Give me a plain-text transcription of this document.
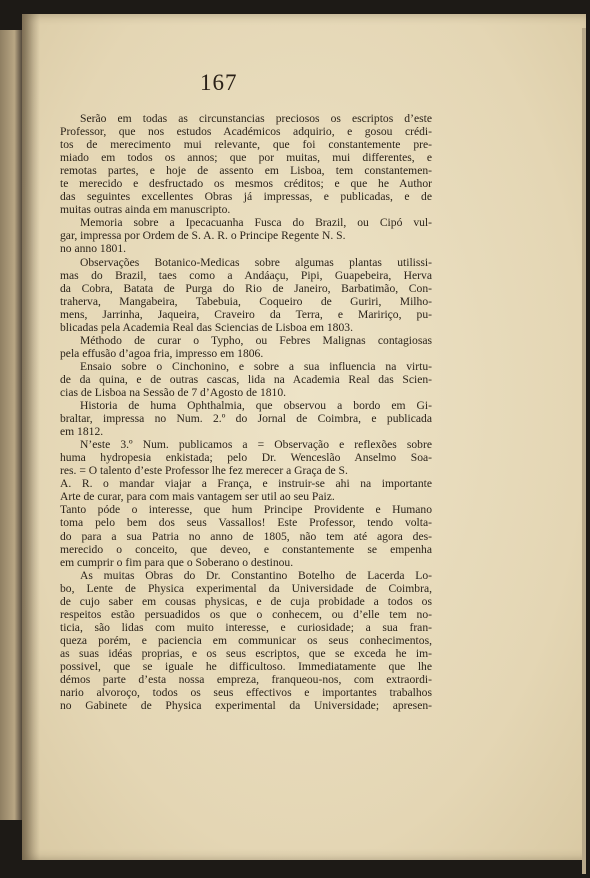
167
Serão em todas as circunstancias preciosos os escriptos d’este
Professor, que nos estudos Académicos adquirio, e gosou crédi-
tos de merecimento mui relevante, que foi constantemente pre-
miado em todos os annos; que por muitas, mui differentes, e
remotas partes, e hoje de assento em Lisboa, tem constantemen-
te merecido e desfructado os mesmos créditos; e que he Author
das seguintes excellentes Obras já impressas, e publicadas, e de
muitas outras ainda em manuscripto.
Memoria sobre a Ipecacuanha Fusca do Brazil, ou Cipó vul-
gar, impressa por Ordem de S. A. R. o Principe Regente N. S.
no anno 1801.
Observações Botanico-Medicas sobre algumas plantas utilissi-
mas do Brazil, taes como a Andáaçu, Pipi, Guapebeira, Herva
da Cobra, Batata de Purga do Rio de Janeiro, Barbatimão, Con-
traherva, Mangabeira, Tabebuia, Coqueiro de Guriri, Milho-
mens, Jarrinha, Jaqueira, Craveiro da Terra, e Maririço, pu-
blicadas pela Academia Real das Sciencias de Lisboa em 1803.
Méthodo de curar o Typho, ou Febres Malignas contagiosas
pela effusão d’agoa fria, impresso em 1806.
Ensaio sobre o Cinchonino, e sobre a sua influencia na virtu-
de da quina, e de outras cascas, lida na Academia Real das Scien-
cias de Lisboa na Sessão de 7 d’Agosto de 1810.
Historia de huma Ophthalmia, que observou a bordo em Gi-
braltar, impressa no Num. 2.º do Jornal de Coimbra, e publicada
em 1812.
N’este 3.º Num. publicamos a = Observação e reflexões sobre
huma hydropesia enkistada; pelo Dr. Wenceslão Anselmo Soa-
res. = O talento d’este Professor lhe fez merecer a Graça de S.
A. R. o mandar viajar a França, e instruir-se ahi na importante
Arte de curar, para com mais vantagem ser util ao seu Paiz.
Tanto póde o interesse, que hum Principe Providente e Humano
toma pelo bem dos seus Vassallos! Este Professor, tendo volta-
do para a sua Patria no anno de 1805, não tem até agora des-
merecido o conceito, que deveo, e constantemente se empenha
em cumprir o fim para que o Soberano o destinou.
As muitas Obras do Dr. Constantino Botelho de Lacerda Lo-
bo, Lente de Physica experimental da Universidade de Coimbra,
de cujo saber em cousas physicas, e de cuja probidade a todos os
respeitos estão persuadidos os que o conhecem, ou d’elle tem no-
ticia, são lidas com muito interesse, e curiosidade; a sua fran-
queza porém, e paciencia em communicar os seus conhecimentos,
as suas idéas proprias, e os seus escriptos, que se exceda he im-
possivel, que se iguale he difficultoso. Immediatamente que lhe
démos parte d’esta nossa empreza, franqueou-nos, com extraordi-
nario alvoroço, todos os seus effectivos e importantes trabalhos
no Gabinete de Physica experimental da Universidade; apresen-
